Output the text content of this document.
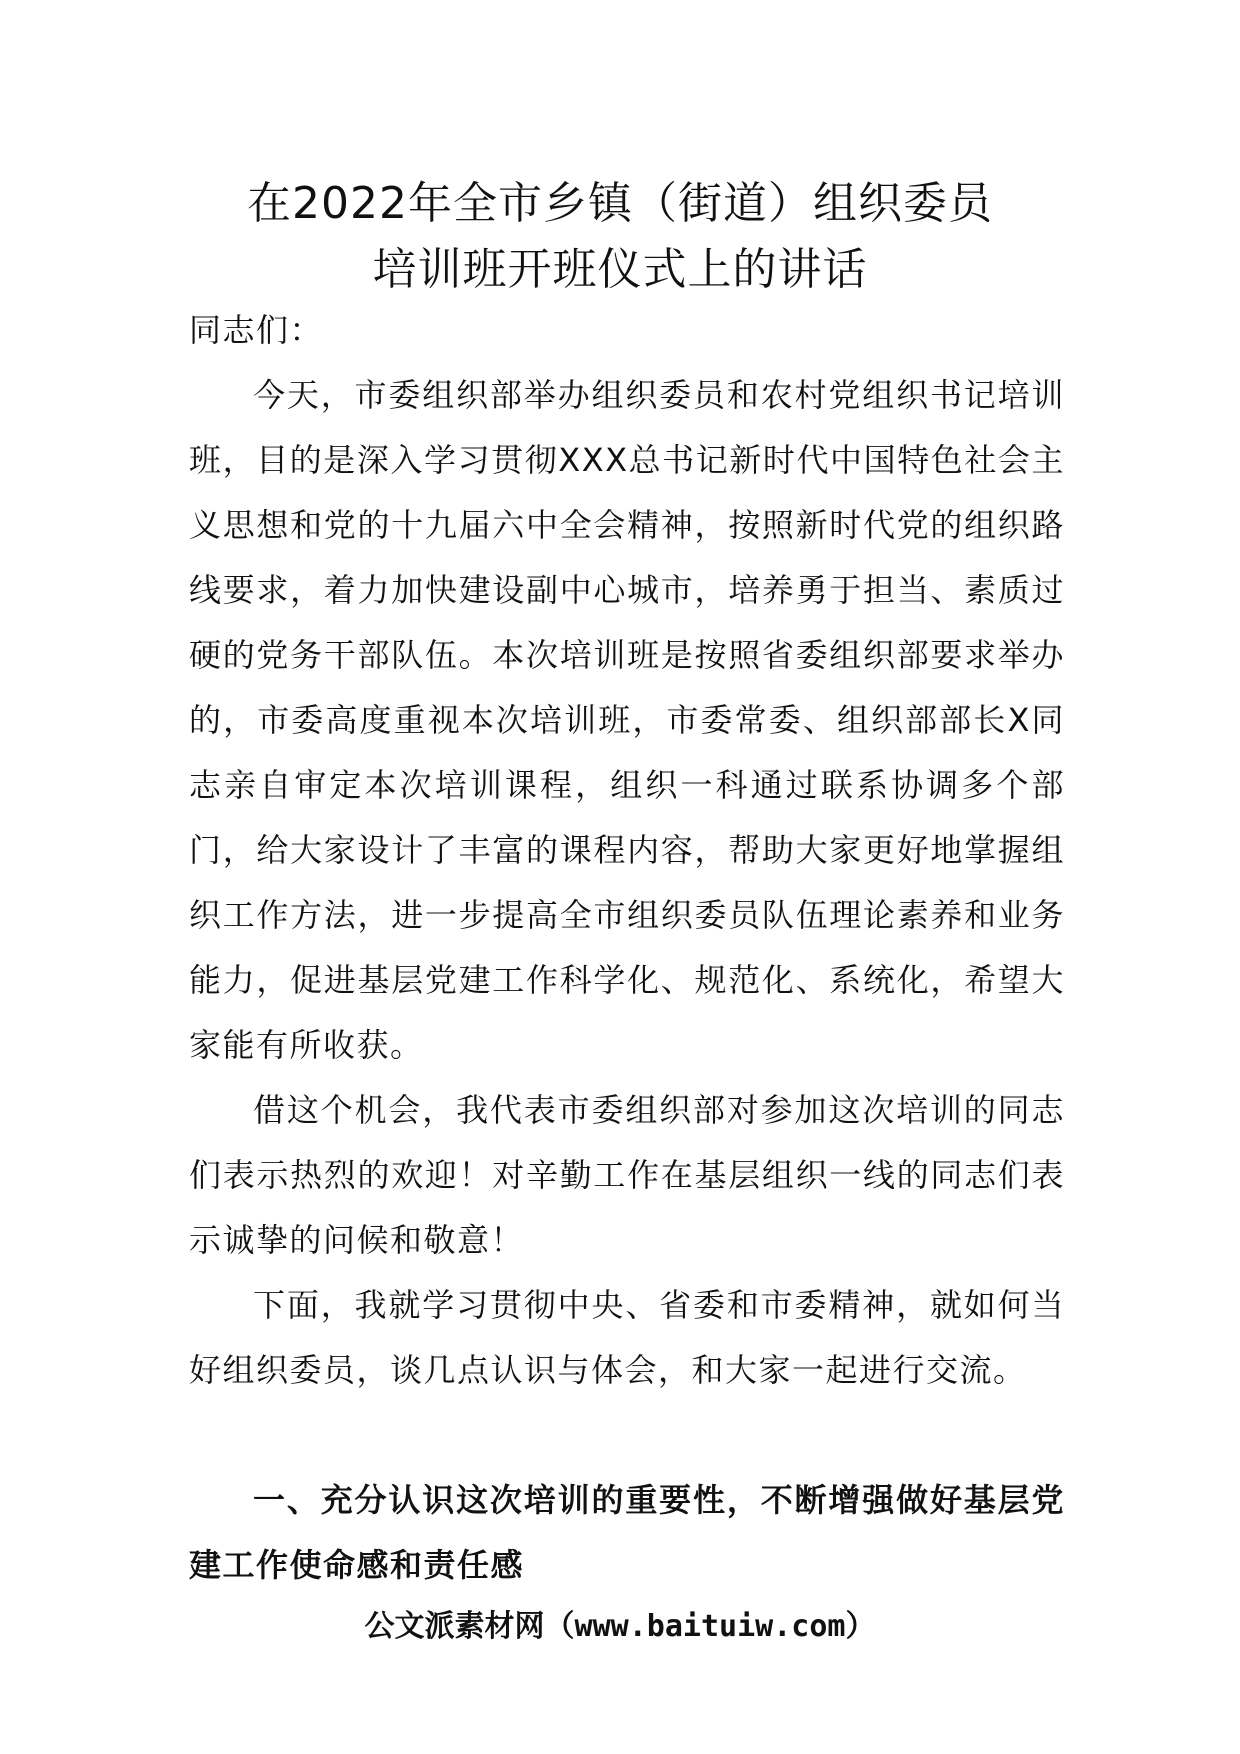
在2022年全市乡镇（街道）组织委员
培训班开班仪式上的讲话
同志们：
今天，市委组织部举办组织委员和农村党组织书记培训班，目的是深入学习贯彻XXX总书记新时代中国特色社会主义思想和党的十九届六中全会精神，按照新时代党的组织路线要求，着力加快建设副中心城市，培养勇于担当、素质过硬的党务干部队伍。本次培训班是按照省委组织部要求举办的，市委高度重视本次培训班，市委常委、组织部部长X同志亲自审定本次培训课程，组织一科通过联系协调多个部门，给大家设计了丰富的课程内容，帮助大家更好地掌握组织工作方法，进一步提高全市组织委员队伍理论素养和业务能力，促进基层党建工作科学化、规范化、系统化，希望大家能有所收获。
借这个机会，我代表市委组织部对参加这次培训的同志们表示热烈的欢迎！对辛勤工作在基层组织一线的同志们表示诚挚的问候和敬意！
下面，我就学习贯彻中央、省委和市委精神，就如何当好组织委员，谈几点认识与体会，和大家一起进行交流。
一、充分认识这次培训的重要性，不断增强做好基层党建工作使命感和责任感
公文派素材网（www.baituiw.com）
